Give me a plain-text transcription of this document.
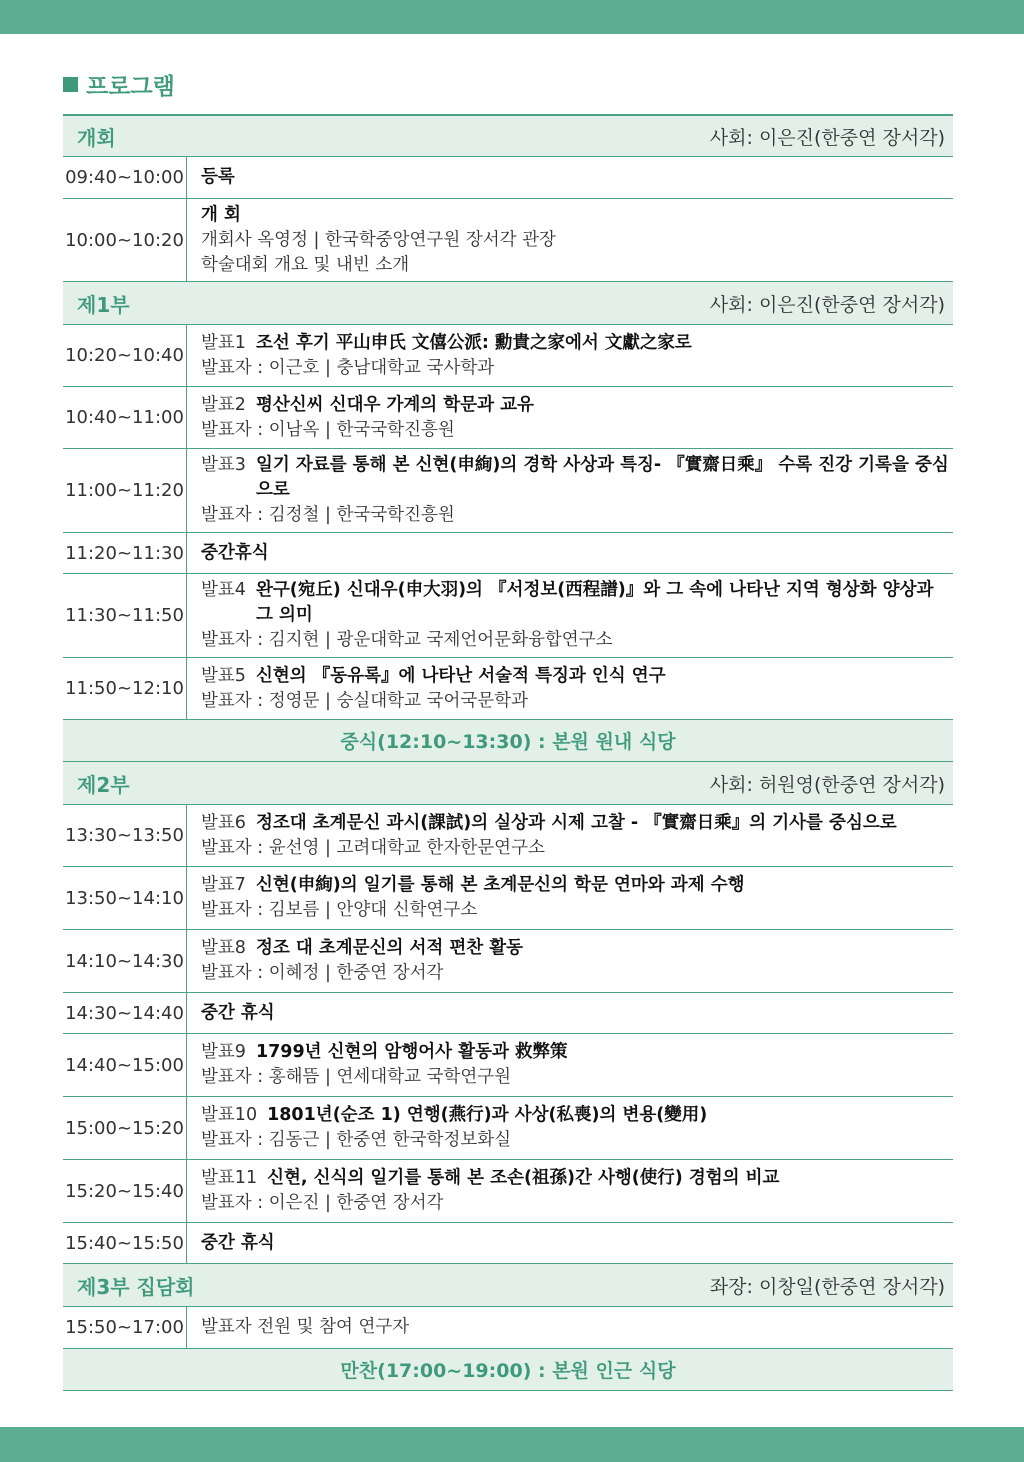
프로그램
개회	사회: 이은진(한중연 장서각)
09:40~10:00 등록
10:00~10:20
개 회
개회사 옥영정 | 한국학중앙연구원 장서각 관장
학술대회 개요 및 내빈 소개
제1부	사회: 이은진(한중연 장서각)
10:20~10:40
발표1 조선 후기 平山申氏 文僖公派: 勳貴之家에서 文獻之家로
발표자 : 이근호 | 충남대학교 국사학과
10:40~11:00
발표2 평산신씨 신대우 가계의 학문과 교유
발표자 : 이남옥 | 한국국학진흥원
11:00~11:20
발표3 일기 자료를 통해 본 신현(申絢)의 경학 사상과 특징- 『實齋日乘』 수록 진강 기록을 중심으로
발표자 : 김정철 | 한국국학진흥원
11:20~11:30 중간휴식
11:30~11:50
발표4 완구(宛丘) 신대우(申大羽)의 『서정보(西程譜)』와 그 속에 나타난 지역 형상화 양상과 그 의미
발표자 : 김지현 | 광운대학교 국제언어문화융합연구소
11:50~12:10
발표5 신현의 『동유록』에 나타난 서술적 특징과 인식 연구
발표자 : 정영문 | 숭실대학교 국어국문학과
중식(12:10~13:30) : 본원 원내 식당
제2부	사회: 허원영(한중연 장서각)
13:30~13:50
발표6 정조대 초계문신 과시(課試)의 실상과 시제 고찰 - 『實齋日乘』의 기사를 중심으로
발표자 : 윤선영 | 고려대학교 한자한문연구소
13:50~14:10
발표7 신현(申絢)의 일기를 통해 본 초계문신의 학문 연마와 과제 수행
발표자 : 김보름 | 안양대 신학연구소
14:10~14:30
발표8 정조 대 초계문신의 서적 편찬 활동
발표자 : 이혜정 | 한중연 장서각
14:30~14:40 중간 휴식
14:40~15:00
발표9 1799년 신현의 암행어사 활동과 救弊策
발표자 : 홍해뜸 | 연세대학교 국학연구원
15:00~15:20
발표10 1801년(순조 1) 연행(燕行)과 사상(私喪)의 변용(變用)
발표자 : 김동근 | 한중연 한국학정보화실
15:20~15:40
발표11 신현, 신식의 일기를 통해 본 조손(祖孫)간 사행(使行) 경험의 비교
발표자 : 이은진 | 한중연 장서각
15:40~15:50 중간 휴식
제3부 집담회	좌장: 이창일(한중연 장서각)
15:50~17:00 발표자 전원 및 참여 연구자
만찬(17:00~19:00) : 본원 인근 식당
